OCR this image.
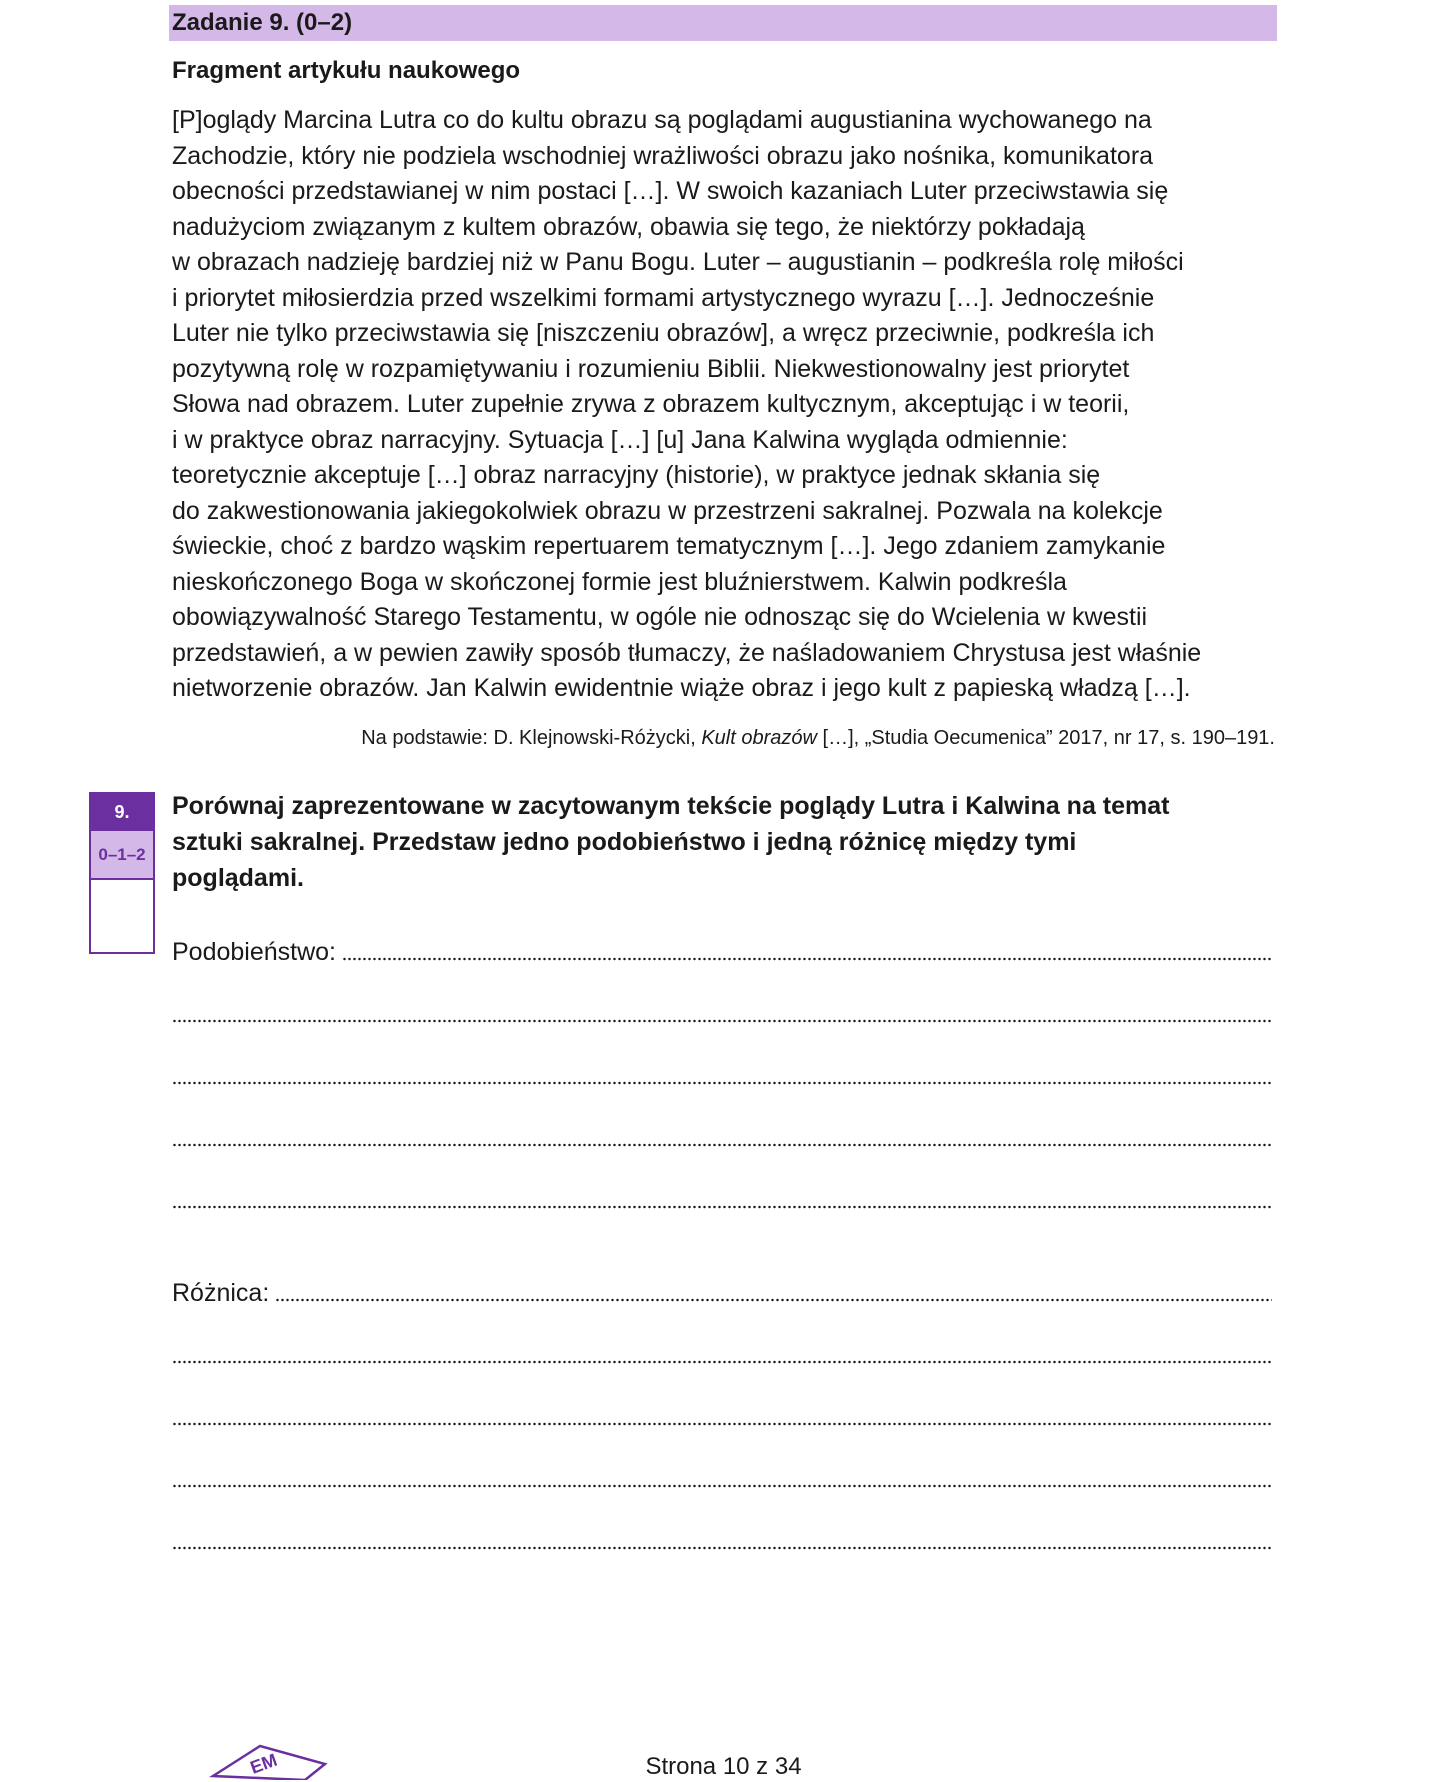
Zadanie 9. (0–2)
Fragment artykułu naukowego
[P]oglądy Marcina Lutra co do kultu obrazu są poglądami augustianina wychowanego na
Zachodzie, który nie podziela wschodniej wrażliwości obrazu jako nośnika, komunikatora
obecności przedstawianej w nim postaci […]. W swoich kazaniach Luter przeciwstawia się
nadużyciom związanym z kultem obrazów, obawia się tego, że niektórzy pokładają
w obrazach nadzieję bardziej niż w Panu Bogu. Luter – augustianin – podkreśla rolę miłości
i priorytet miłosierdzia przed wszelkimi formami artystycznego wyrazu […]. Jednocześnie
Luter nie tylko przeciwstawia się [niszczeniu obrazów], a wręcz przeciwnie, podkreśla ich
pozytywną rolę w rozpamiętywaniu i rozumieniu Biblii. Niekwestionowalny jest priorytet
Słowa nad obrazem. Luter zupełnie zrywa z obrazem kultycznym, akceptując i w teorii,
i w praktyce obraz narracyjny. Sytuacja […] [u] Jana Kalwina wygląda odmiennie:
teoretycznie akceptuje […] obraz narracyjny (historie), w praktyce jednak skłania się
do zakwestionowania jakiegokolwiek obrazu w przestrzeni sakralnej. Pozwala na kolekcje
świeckie, choć z bardzo wąskim repertuarem tematycznym […]. Jego zdaniem zamykanie
nieskończonego Boga w skończonej formie jest bluźnierstwem. Kalwin podkreśla
obowiązywalność Starego Testamentu, w ogóle nie odnosząc się do Wcielenia w kwestii
przedstawień, a w pewien zawiły sposób tłumaczy, że naśladowaniem Chrystusa jest właśnie
nietworzenie obrazów. Jan Kalwin ewidentnie wiąże obraz i jego kult z papieską władzą […].
Na podstawie: D. Klejnowski-Różycki, Kult obrazów […], „Studia Oecumenica” 2017, nr 17, s. 190–191.
9.
0–1–2
Porównaj zaprezentowane w zacytowanym tekście poglądy Lutra i Kalwina na temat
sztuki sakralnej. Przedstaw jedno podobieństwo i jedną różnicę między tymi
poglądami.
Podobieństwo:
Różnica:
EM	Strona 10 z 34
